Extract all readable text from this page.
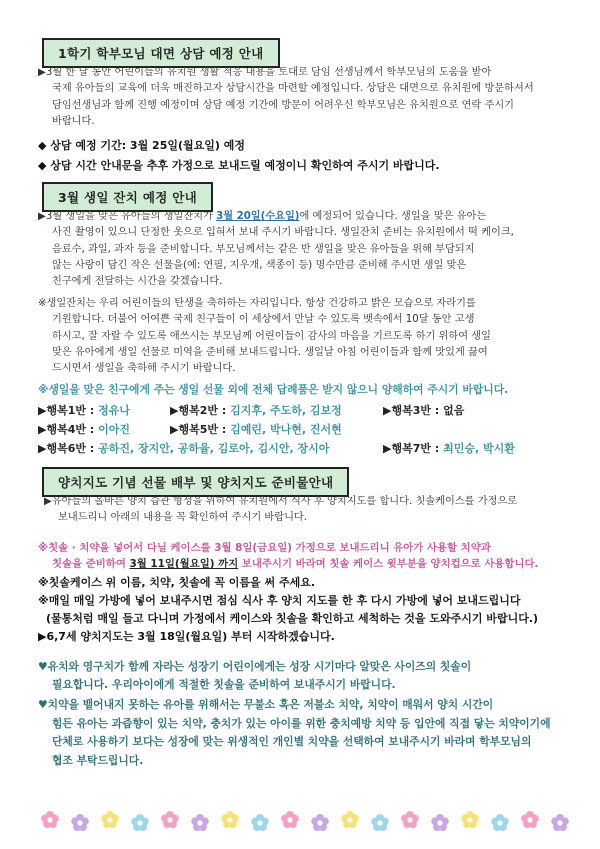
1학기 학부모님 대면 상담 예정 안내
▶3월 한 달 동안 어린이들의 유치원 생활 적응 내용을 토대로 담임 선생님께서 학부모님의 도움을 받아
국제 유아들의 교육에 더욱 매진하고자 상담시간을 마련할 예정입니다. 상담은 대면으로 유치원에 방문하셔서
담임선생님과 함께 진행 예정이며 상담 예정 기간에 방문이 어려우신 학부모님은 유치원으로 연락 주시기
바랍니다.
◆ 상담 예정 기간: 3월 25일(월요일) 예정
◆ 상담 시간 안내문을 추후 가정으로 보내드릴 예정이니 확인하여 주시기 바랍니다.
3월 생일 잔치 예정 안내
▶3월 생일을 맞은 유아들의 생일잔치가 3월 20일(수요일)에 예정되어 있습니다. 생일을 맞은 유아는
사진 촬영이 있으니 단정한 옷으로 입혀서 보내 주시기 바랍니다. 생일잔치 준비는 유치원에서 떡 케이크,
음료수, 과일, 과자 등을 준비합니다. 부모님께서는 같은 반 생일을 맞은 유아들을 위해 부담되지
않는 사랑이 담긴 작은 선물을(예: 연필, 지우개, 색종이 등) 명수만큼 준비해 주시면 생일 맞은
친구에게 전달하는 시간을 갖겠습니다.
※생일잔치는 우리 어린이들의 탄생을 축하하는 자리입니다. 항상 건강하고 밝은 모습으로 자라기를
기원합니다. 더불어 어여쁜 국제 친구들이 이 세상에서 만날 수 있도록 뱃속에서 10달 동안 고생
하시고, 잘 자랄 수 있도록 애쓰시는 부모님께 어린이들이 감사의 마음을 기르도록 하기 위하여 생일
맞은 유아에게 생일 선물로 미역을 준비해 보내드립니다. 생일날 아침 어린이들과 함께 맛있게 끓여
드시면서 생일을 축하해 주시기 바랍니다.
※생일을 맞은 친구에게 주는 생일 선물 외에 전체 답례품은 받지 않으니 양해하여 주시기 바랍니다.
▶행복1반 : 정유나	▶행복2반 : 김지후, 주도하, 김보정	▶행복3반 : 없음
▶행복4반 : 이아진	▶행복5반 : 김예린, 박나현, 진서현
▶행복6반 : 공하진, 장지안, 공하율, 김로아, 김시안, 장시아	▶행복7반 : 최민승, 박시환
양치지도 기념 선물 배부 및 양치지도 준비물안내
▶유아들의 올바른 양치 습관 형성을 위하여 유치원에서 식사 후 양치지도를 합니다. 칫솔케이스를 가정으로
보내드리니 아래의 내용을 꼭 확인하여 주시기 바랍니다.
※칫솔 · 치약을 넣어서 다닐 케이스를 3월 8일(금요일) 가정으로 보내드리니 유아가 사용할 치약과
칫솔을 준비하여 3월 11일(월요일) 까지 보내주시기 바라며 칫솔 케이스 윗부분을 양치컵으로 사용합니다.
※칫솔케이스 위 이름, 치약, 칫솔에 꼭 이름을 써 주세요.
※매일 매일 가방에 넣어 보내주시면 점심 식사 후 양치 지도를 한 후 다시 가방에 넣어 보내드립니다
(물통처럼 매일 들고 다니며 가정에서 케이스와 칫솔을 확인하고 세척하는 것을 도와주시기 바랍니다.)
▶6,7세 양치지도는 3월 18일(월요일) 부터 시작하겠습니다.
♥유치와 영구치가 함께 자라는 성장기 어린이에게는 성장 시기마다 알맞은 사이즈의 칫솔이
필요합니다. 우리아이에게 적절한 칫솔을 준비하여 보내주시기 바랍니다.
♥치약을 뱉어내지 못하는 유아를 위해서는 무불소 혹은 저불소 치약, 치약이 매워서 양치 시간이
힘든 유아는 과즙향이 있는 치약, 충치가 있는 아이를 위한 충치예방 치약 등 입안에 직접 닿는 치약이기에
단체로 사용하기 보다는 성장에 맞는 위생적인 개인별 치약을 선택하여 보내주시기 바라며 학부모님의
협조 부탁드립니다.
